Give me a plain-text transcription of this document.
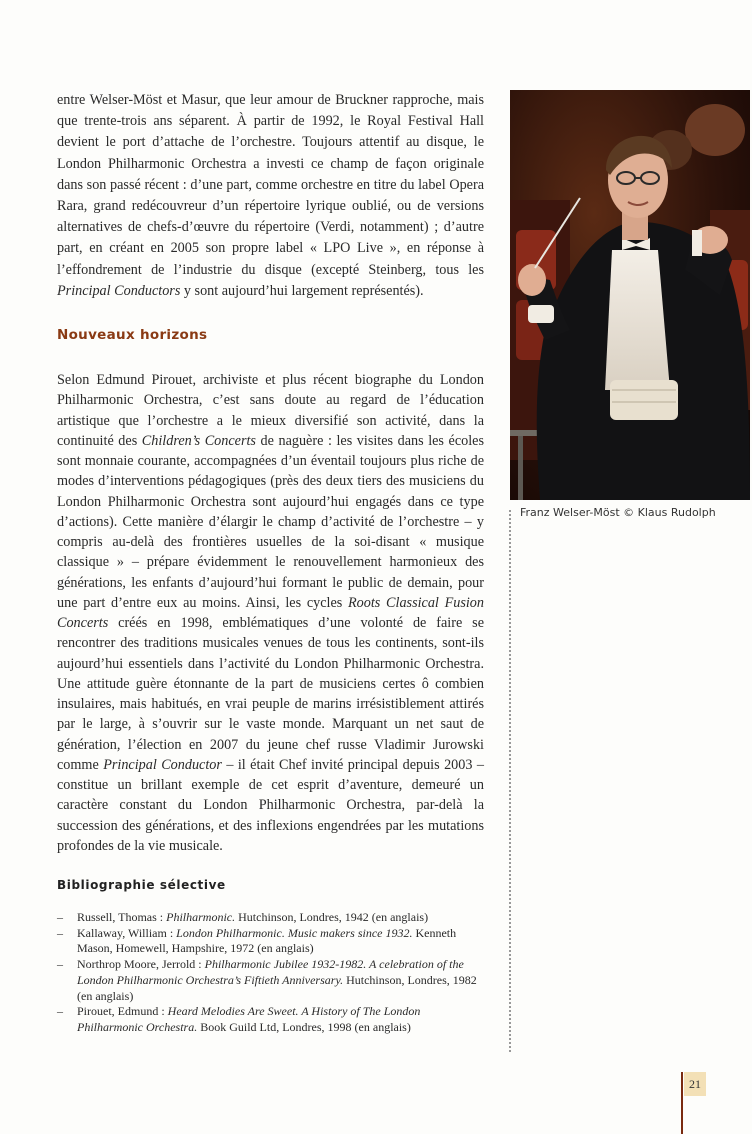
entre Welser-Möst et Masur, que leur amour de Bruckner rapproche, mais que trente-trois ans séparent. À partir de 1992, le Royal Festival Hall devient le port d’attache de l’orchestre. Toujours attentif au disque, le London Philharmonic Orchestra a investi ce champ de façon originale dans son passé récent : d’une part, comme orchestre en titre du label Opera Rara, grand redécouvreur d’un répertoire lyrique oublié, ou de versions alternatives de chefs-d’œuvre du répertoire (Verdi, notamment) ; d’autre part, en créant en 2005 son propre label « LPO Live », en réponse à l’effondrement de l’industrie du disque (excepté Steinberg, tous les Principal Conductors y sont aujourd’hui largement représentés).

Nouveaux horizons

Selon Edmund Pirouet, archiviste et plus récent biographe du London Philharmonic Orchestra, c’est sans doute au regard de l’éducation artistique que l’orchestre a le mieux diversifié son activité, dans la continuité des Children’s Concerts de naguère : les visites dans les écoles sont monnaie courante, accompagnées d’un éventail toujours plus riche de modes d’interventions pédagogiques (près des deux tiers des musiciens du London Philharmonic Orchestra sont aujourd’hui engagés dans ce type d’actions). Cette manière d’élargir le champ d’activité de l’orchestre – y compris au-delà des frontières usuelles de la soi-disant « musique classique » – prépare évidemment le renouvellement harmonieux des générations, les enfants d’aujourd’hui formant le public de demain, pour une part d’entre eux au moins. Ainsi, les cycles Roots Classical Fusion Concerts créés en 1998, emblématiques d’une volonté de faire se rencontrer des traditions musicales venues de tous les continents, sont-ils aujourd’hui essentiels dans l’activité du London Philharmonic Orchestra. Une attitude guère étonnante de la part de musiciens certes ô combien insulaires, mais habitués, en vrai peuple de marins irrésistiblement attirés par le large, à s’ouvrir sur le vaste monde. Marquant un net saut de génération, l’élection en 2007 du jeune chef russe Vladimir Jurowski comme Principal Conductor – il était Chef invité principal depuis 2003 – constitue un brillant exemple de cet esprit d’aventure, demeuré un caractère constant du London Philharmonic Orchestra, par-delà la succession des générations, et des inflexions engendrées par les mutations profondes de la vie musicale.

Franz Welser-Möst © Klaus Rudolph
Bibliographie sélective
– Russell, Thomas : Philharmonic. Hutchinson, Londres, 1942 (en anglais)
– Kallaway, William : London Philharmonic. Music makers since 1932. Kenneth Mason, Homewell, Hampshire, 1972 (en anglais)
– Northrop Moore, Jerrold : Philharmonic Jubilee 1932-1982. A celebration of the London Philharmonic Orchestra’s Fiftieth Anniversary. Hutchinson, Londres, 1982 (en anglais)
– Pirouet, Edmund : Heard Melodies Are Sweet. A History of The London Philharmonic Orchestra. Book Guild Ltd, Londres, 1998 (en anglais)
21
